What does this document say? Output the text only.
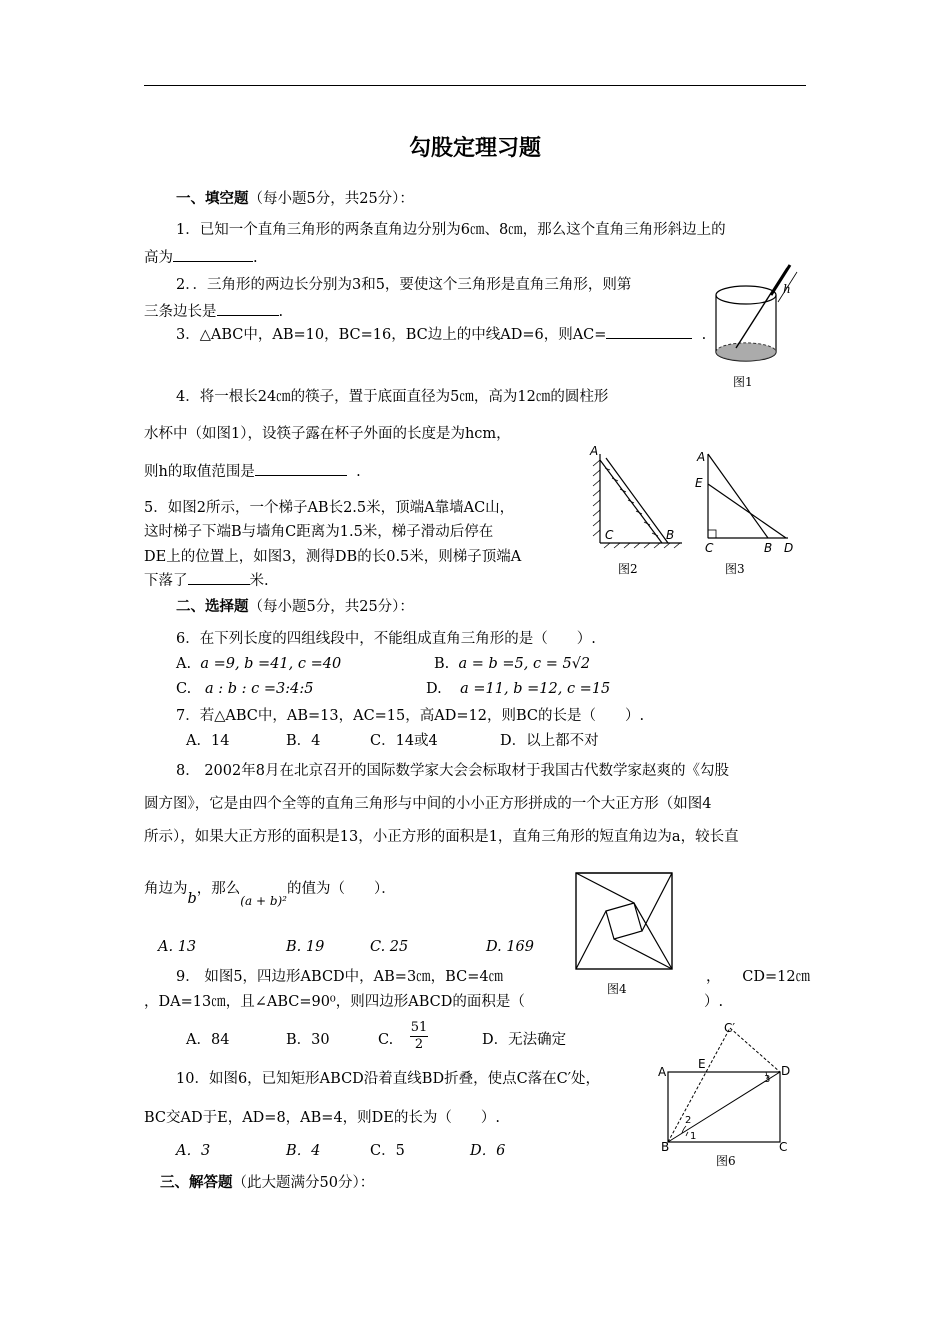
勾股定理习题
一、填空题（每小题5分，共25分）：
1．已知一个直角三角形的两条直角边分别为6㎝、8㎝，那么这个直角三角形斜边上的
高为	.
2．．三角形的两边长分别为3和5，要使这个三角形是直角三角形，则第
三条边长是	.
3．△ABC中，AB=10，BC=16，BC边上的中线AD=6，则AC=	.
4．将一根长24㎝的筷子，置于底面直径为5㎝，高为12㎝的圆柱形
水杯中（如图1），设筷子露在杯子外面的长度是为hcm，
则h的取值范围是	.
5．如图2所示，一个梯子AB长2.5米，顶端A靠墙AC山，
这时梯子下端B与墙角C距离为1.5米，梯子滑动后停在
DE上的位置上，如图3，测得DB的长0.5米，则梯子顶端A
下落了	米.
二、选择题（每小题5分，共25分）：
6．在下列长度的四组线段中，不能组成直角三角形的是（　　）.
A. a =9, b =41, c =40	B. a = b =5, c = 5√2
C. a : b : c =3:4:5	D. a =11, b =12, c =15
7．若△ABC中，AB=13，AC=15，高AD=12，则BC的长是（　　）.
A．14	B．4	C．14或4	D．以上都不对
8． 2002年8月在北京召开的国际数学家大会会标取材于我国古代数学家赵爽的《勾股
圆方图》，它是由四个全等的直角三角形与中间的小小正方形拼成的一个大正方形（如图4
所示），如果大正方形的面积是13，小正方形的面积是1，直角三角形的短直角边为a，较长直
角边为b，那么$_{(a + b)^2}$的值为（　　）．
A. 13	B. 19	C. 25	D. 169
9． 如图5，四边形ABCD中，AB=3㎝，BC=4㎝	，　　CD=12㎝
，DA=13㎝，且∠ABC=90⁰，则四边形ABCD的面积是（	）.
A．84	B．30	C.
51
2	D．无法确定
10．如图6，已知矩形ABCD沿着直线BD折叠，使点C落在C′处，
BC交AD于E，AD=8，AB=4，则DE的长为（　　）.
A．3	B．4	C．5	D．6
三、解答题（此大题满分50分）：
h
图1
A
C	B
图2
A
E
C	B D
图3
图4
C′
E
A	D
3
2
1
B	C
图6
